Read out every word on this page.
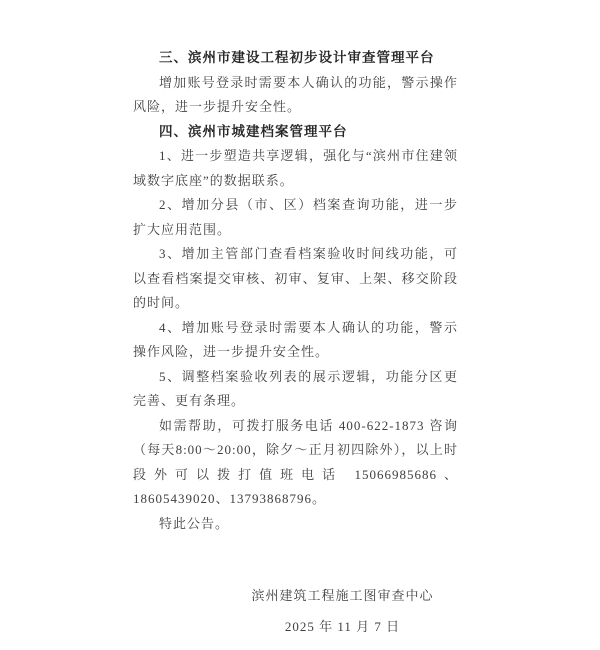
三、滨州市建设工程初步设计审查管理平台

增加账号登录时需要本人确认的功能，警示操作风险，进一步提升安全性。

四、滨州市城建档案管理平台

1、进一步塑造共享逻辑，强化与“滨州市住建领域数字底座”的数据联系。

2、增加分县（市、区）档案查询功能，进一步扩大应用范围。

3、增加主管部门查看档案验收时间线功能，可以查看档案提交审核、初审、复审、上架、移交阶段的时间。

4、增加账号登录时需要本人确认的功能，警示操作风险，进一步提升安全性。

5、调整档案验收列表的展示逻辑，功能分区更完善、更有条理。

如需帮助，可拨打服务电话 400-622-1873 咨询（每天8:00～20:00，除夕～正月初四除外），以上时段外可以拨打值班电话 15066985686、18605439020、13793868796。

特此公告。

滨州建筑工程施工图审查中心
2025 年 11 月 7 日
